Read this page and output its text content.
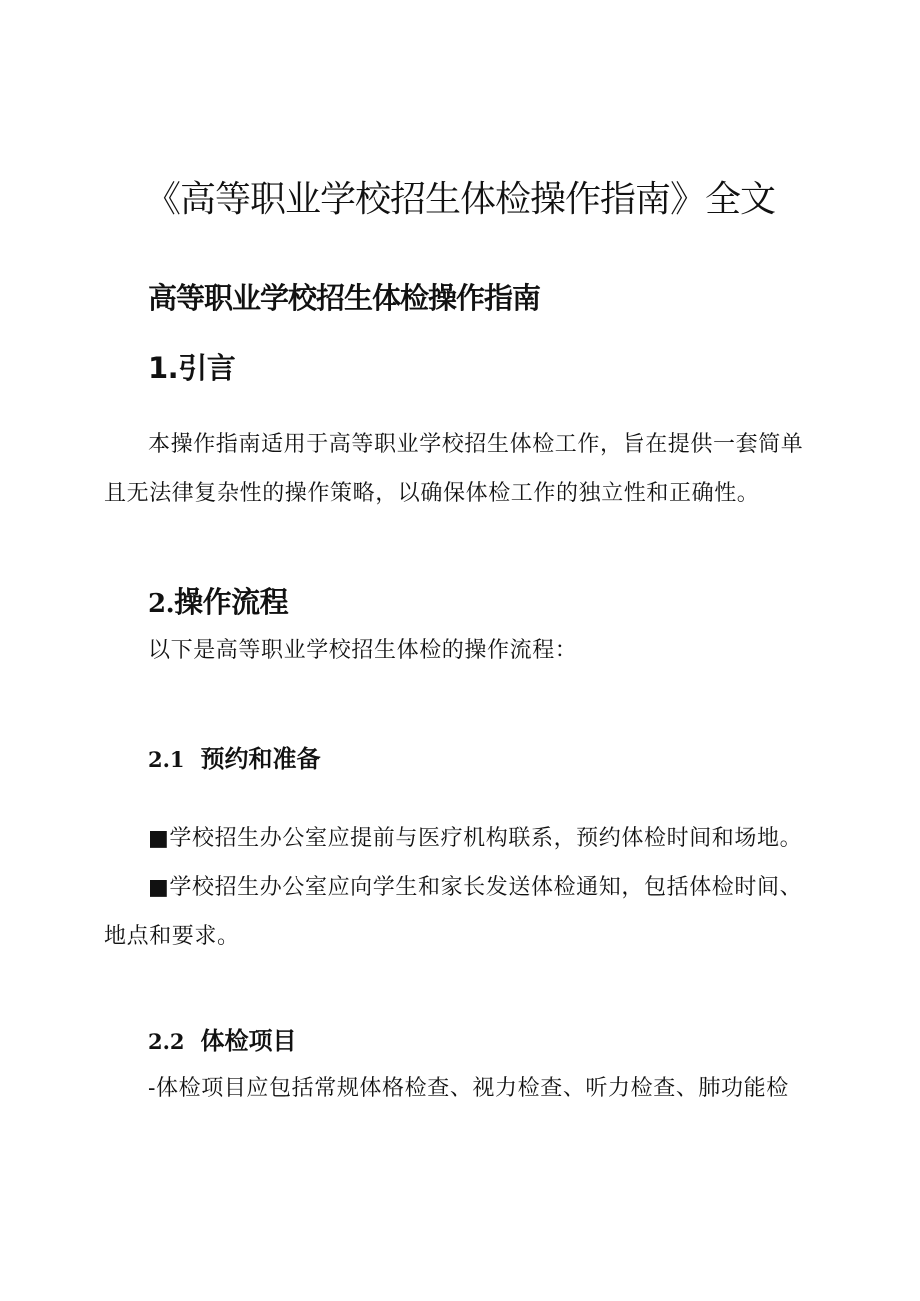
《高等职业学校招生体检操作指南》全文
高等职业学校招生体检操作指南
1.引言

本操作指南适用于高等职业学校招生体检工作，旨在提供一套简单且无法律复杂性的操作策略，以确保体检工作的独立性和正确性。

2.操作流程

以下是高等职业学校招生体检的操作流程：

2.1 预约和准备

■学校招生办公室应提前与医疗机构联系，预约体检时间和场地。

■学校招生办公室应向学生和家长发送体检通知，包括体检时间、

地点和要求。

2.2 体检项目

-体检项目应包括常规体格检查、视力检查、听力检查、肺功能检
